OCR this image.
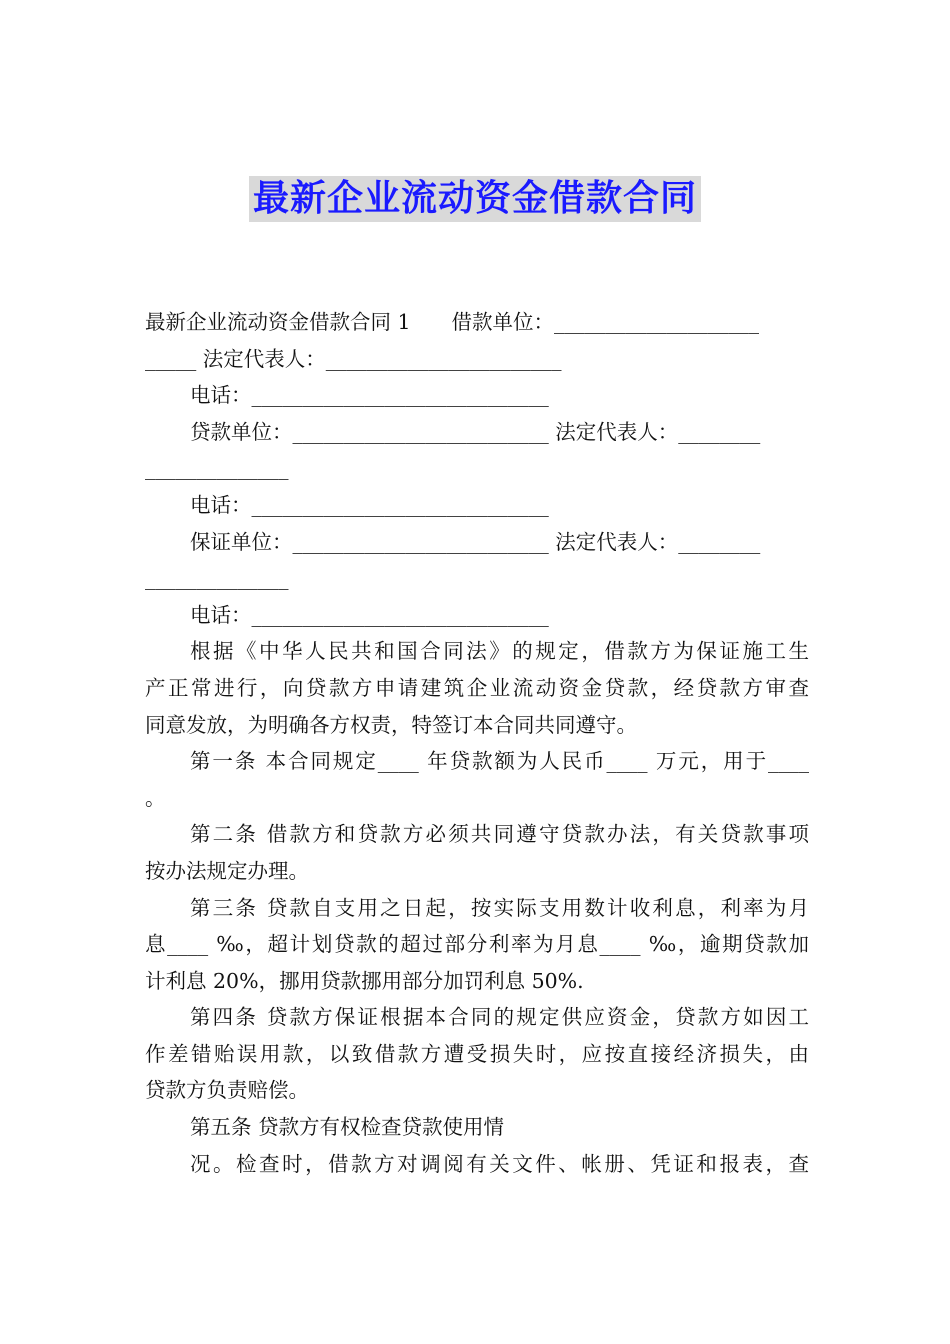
最新企业流动资金借款合同
最新企业流动资金借款合同 1　　借款单位：____________________
_____ 法定代表人：_______________________
电话：_____________________________
贷款单位：_________________________ 法定代表人：________
______________
电话：_____________________________
保证单位：_________________________ 法定代表人：________
______________
电话：_____________________________
根据《中华人民共和国合同法》的规定，借款方为保证施工生
产正常进行，向贷款方申请建筑企业流动资金贷款，经贷款方审查
同意发放，为明确各方权责，特签订本合同共同遵守。
第一条 本合同规定____ 年贷款额为人民币____ 万元，用于____
。
第二条 借款方和贷款方必须共同遵守贷款办法，有关贷款事项
按办法规定办理。
第三条 贷款自支用之日起，按实际支用数计收利息，利率为月
息____ ‰，超计划贷款的超过部分利率为月息____ ‰，逾期贷款加
计利息 20%，挪用贷款挪用部分加罚利息 50%.
第四条 贷款方保证根据本合同的规定供应资金，贷款方如因工
作差错贻误用款，以致借款方遭受损失时，应按直接经济损失，由
贷款方负责赔偿。
第五条 贷款方有权检查贷款使用情
况。检查时，借款方对调阅有关文件、帐册、凭证和报表，查
